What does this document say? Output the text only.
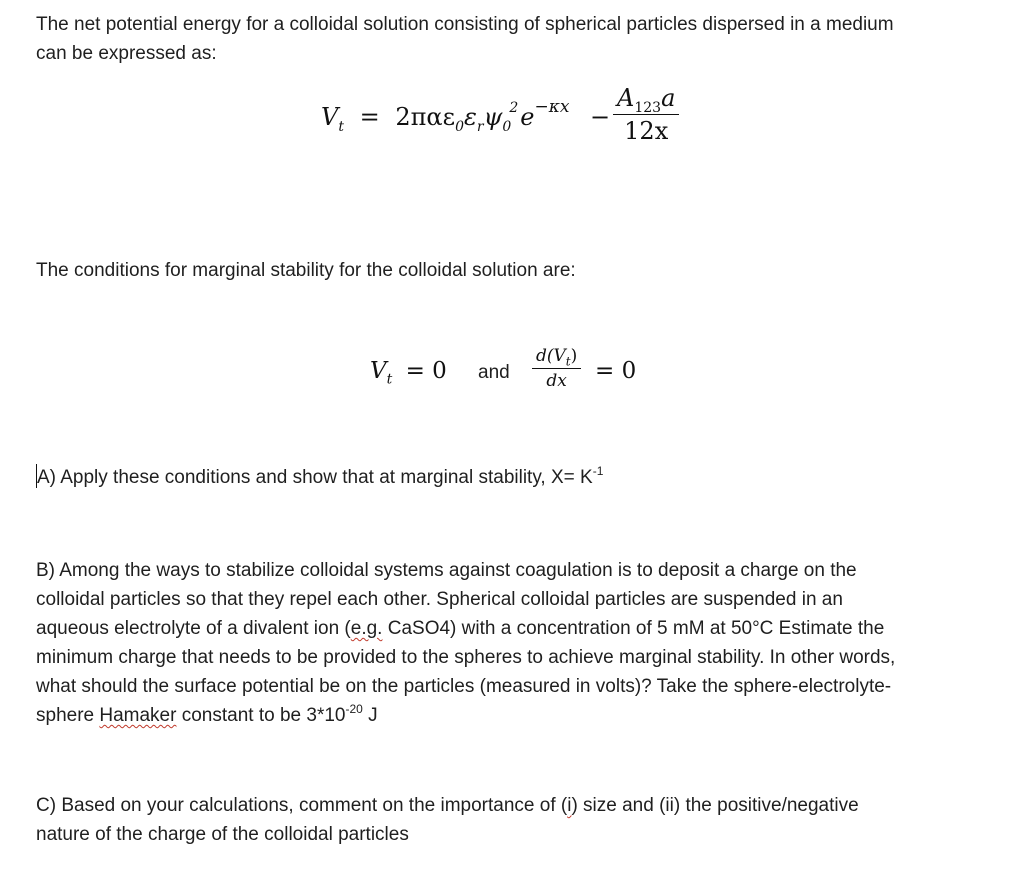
The net potential energy for a colloidal solution consisting of spherical particles dispersed in a medium
can be expressed as:

$V_t = 2\pi\alpha\varepsilon_0\varepsilon_r\psi_0^2e^{-\kappa x} - \frac{A_{123}a}{12x}$

The conditions for marginal stability for the colloidal solution are:

$V_t = 0$ and $\frac{d(V_t)}{dx} = 0$

A) Apply these conditions and show that at marginal stability, $X= K^{-1}$

B) Among the ways to stabilize colloidal systems against coagulation is to deposit a charge on the
colloidal particles so that they repel each other. Spherical colloidal particles are suspended in an
aqueous electrolyte of a divalent ion (e.g. CaSO4) with a concentration of 5 mM at 50°C Estimate the
minimum charge that needs to be provided to the spheres to achieve marginal stability. In other words,
what should the surface potential be on the particles (measured in volts)? Take the sphere-electrolyte-
sphere Hamaker constant to be $3*10^{-20}$ J

C) Based on your calculations, comment on the importance of (i) size and (ii) the positive/negative
nature of the charge of the colloidal particles
